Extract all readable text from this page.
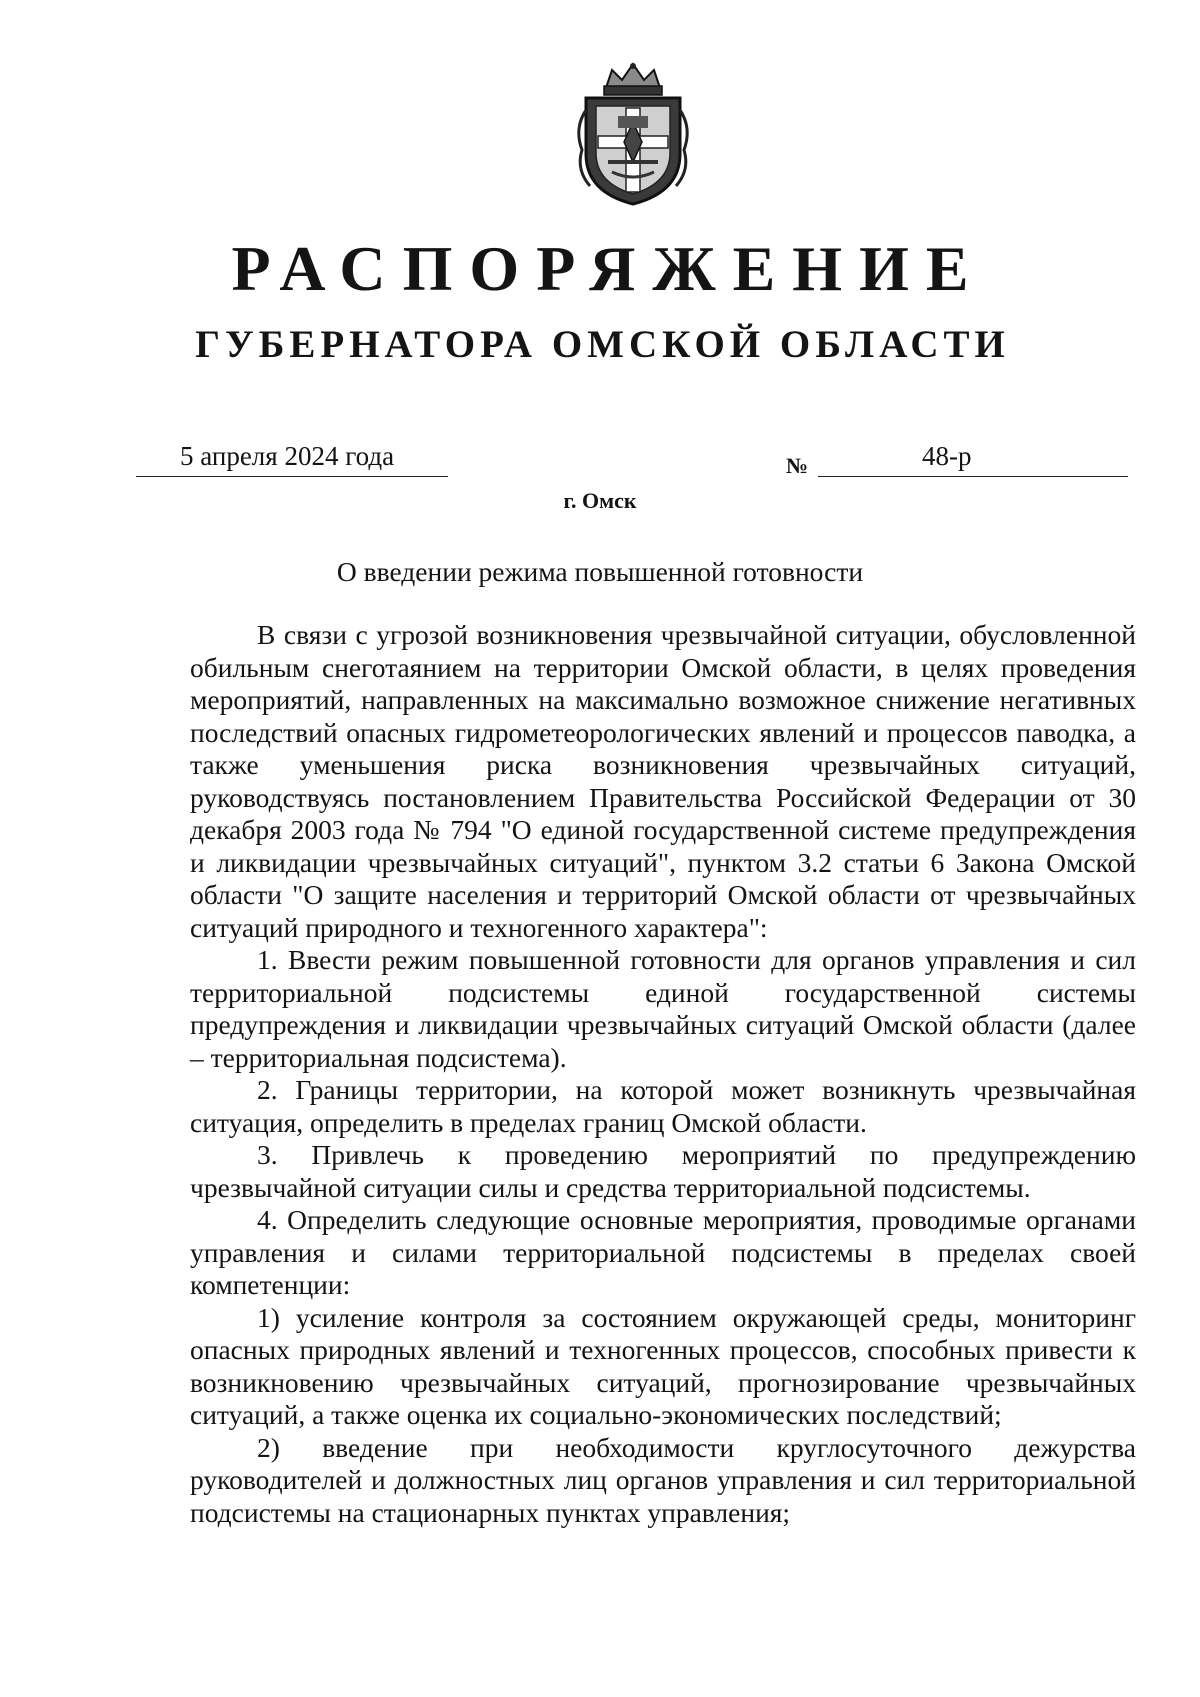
РАСПОРЯЖЕНИЕ
ГУБЕРНАТОРА ОМСКОЙ ОБЛАСТИ
5 апреля 2024 года	№	48-р
г. Омск
О введении режима повышенной готовности

В связи с угрозой возникновения чрезвычайной ситуации, обусловленной обильным снеготаянием на территории Омской области, в целях проведения мероприятий, направленных на максимально возможное снижение негативных последствий опасных гидрометеорологических явлений и процессов паводка, а также уменьшения риска возникновения чрезвычайных ситуаций, руководствуясь постановлением Правительства Российской Федерации от 30 декабря 2003 года № 794 "О единой государственной системе предупреждения и ликвидации чрезвычайных ситуаций", пунктом 3.2 статьи 6 Закона Омской области "О защите населения и территорий Омской области от чрезвычайных ситуаций природного и техногенного характера":

1. Ввести режим повышенной готовности для органов управления и сил территориальной подсистемы единой государственной системы предупреждения и ликвидации чрезвычайных ситуаций Омской области (далее – территориальная подсистема).

2. Границы территории, на которой может возникнуть чрезвычайная ситуация, определить в пределах границ Омской области.

3. Привлечь к проведению мероприятий по предупреждению чрезвычайной ситуации силы и средства территориальной подсистемы.

4. Определить следующие основные мероприятия, проводимые органами управления и силами территориальной подсистемы в пределах своей компетенции:

1) усиление контроля за состоянием окружающей среды, мониторинг опасных природных явлений и техногенных процессов, способных привести к возникновению чрезвычайных ситуаций, прогнозирование чрезвычайных ситуаций, а также оценка их социально-экономических последствий;

2) введение при необходимости круглосуточного дежурства руководителей и должностных лиц органов управления и сил территориальной подсистемы на стационарных пунктах управления;
